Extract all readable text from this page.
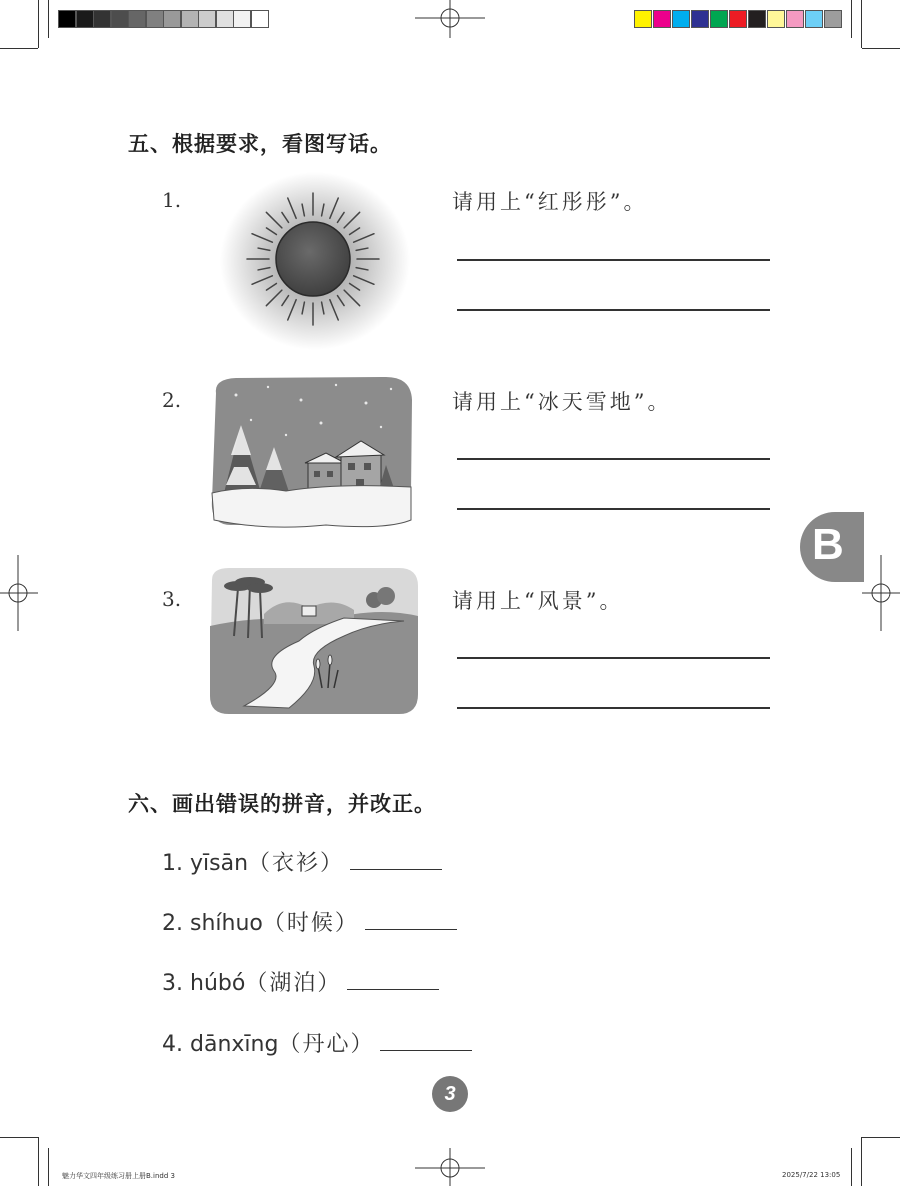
五、根据要求，看图写话。
1.	请用上“红彤彤”。
2.	请用上“冰天雪地”。
3.	请用上“风景”。
B
六、画出错误的拼音，并改正。
1. yīsān（衣衫）
2. shíhuo（时候）
3. húbó（湖泊）
4. dānxīng（丹心）
3
魅力华文四年级练习册上册B.indd 3	2025/7/22 13:05
